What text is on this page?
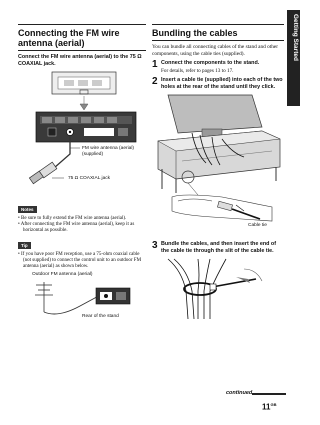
Getting Started
Connecting the FM wire antenna (aerial)
Connect the FM wire antenna (aerial) to the 75 Ω COAXIAL jack.
FM wire antenna (aerial) (supplied)
75 Ω COAXIAL jack
Notes
• Be sure to fully extend the FM wire antenna (aerial).
• After connecting the FM wire antenna (aerial), keep it as horizontal as possible.
Tip
• If you have poor FM reception, use a 75-ohm coaxial cable (not supplied) to connect the control unit to an outdoor FM antenna (aerial) as shown below.
Outdoor FM antenna (aerial)
Rear of the stand
Bundling the cables
You can bundle all connecting cables of the stand and other components, using the cable ties (supplied).
1 Connect the components to the stand.
For details, refer to pages 13 to 17.
2 Insert a cable tie (supplied) into each of the two holes at the rear of the stand until they click.
Cable tie
3 Bundle the cables, and then insert the end of the cable tie through the slit of the cable tie.
continued
$11^{GB}$
